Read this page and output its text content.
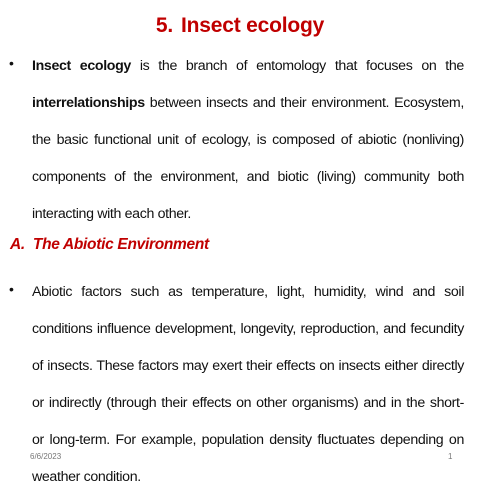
5. Insect ecology
• Insect ecology is the branch of entomology that focuses on the interrelationships between insects and their environment. Ecosystem, the basic functional unit of ecology, is composed of abiotic (nonliving) components of the environment, and biotic (living) community both interacting with each other.
A. The Abiotic Environment
• Abiotic factors such as temperature, light, humidity, wind and soil conditions influence development, longevity, reproduction, and fecundity of insects. These factors may exert their effects on insects either directly or indirectly (through their effects on other organisms) and in the short- or long-term. For example, population density fluctuates depending on weather condition.
6/6/2023	1
